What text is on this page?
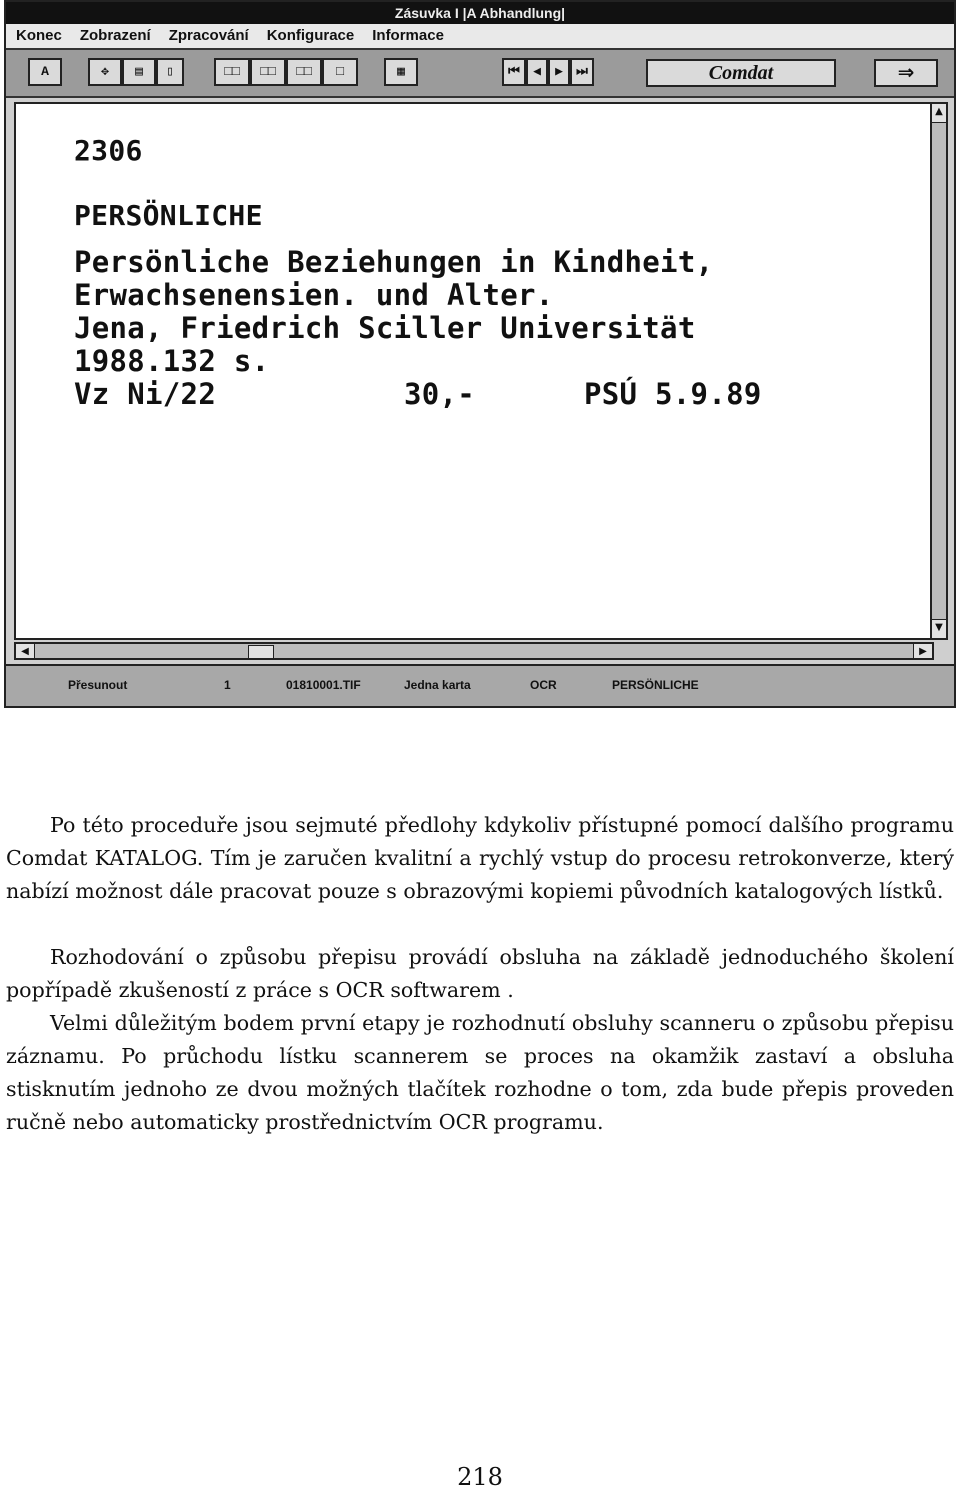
Zásuvka I |A Abhandlung|
Konec Zobrazení Zpracování Konfigurace Informace
A	✥	▤	▯	□□	□□	□□	□	▦	⏮	◀	▶	⏭	Comdat	⇒
2306
PERSÖNLICHE
Persönliche Beziehungen in Kindheit,
Erwachsenensien. und Alter.
Jena, Friedrich Sciller Universität
1988.132 s.
Vz Ni/22	30,-	PSÚ 5.9.89
▲
▼
◀	▶
Přesunout	1	01810001.TIF	Jedna karta	OCR	PERSÖNLICHE

Po této proceduře jsou sejmuté předlohy kdykoliv přístupné pomocí dalšího programu Comdat KATALOG. Tím je zaručen kvalitní a rychlý vstup do procesu retrokonverze, který nabízí možnost dále pracovat pouze s obrazovými kopiemi původních katalogových lístků.

Rozhodování o způsobu přepisu provádí obsluha na základě jednoduchého školení popřípadě zkušeností z práce s OCR softwarem .

Velmi důležitým bodem první etapy je rozhodnutí obsluhy scanneru o způsobu přepisu záznamu. Po průchodu lístku scannerem se proces na okamžik zastaví a obsluha stisknutím jednoho ze dvou možných tlačítek rozhodne o tom, zda bude přepis proveden ručně nebo automaticky prostřednictvím OCR programu.

218
